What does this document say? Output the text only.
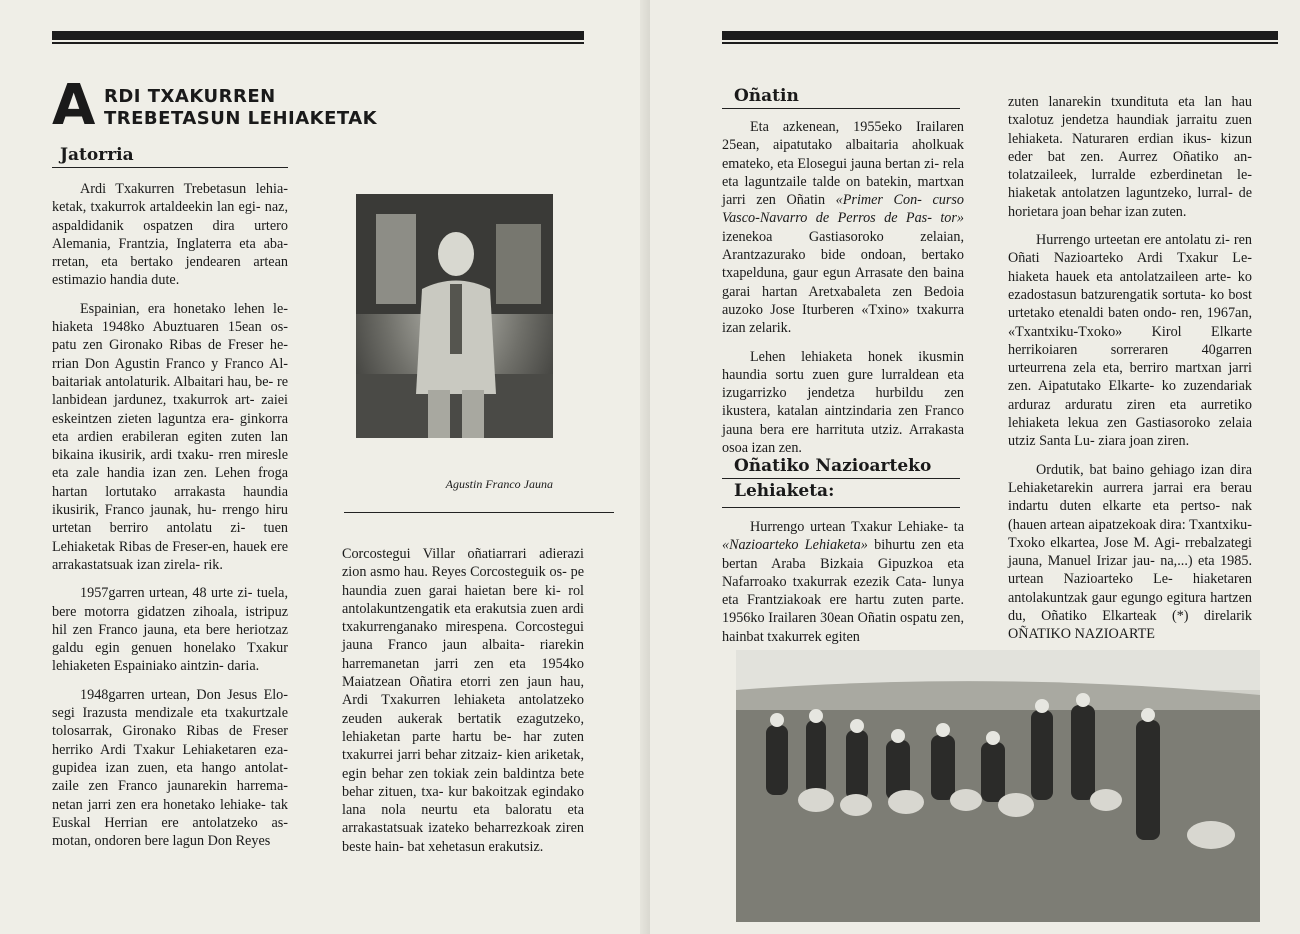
A RDI TXAKURREN
TREBETASUN LEHIAKETAK
Jatorria

Ardi Txakurren Trebetasun lehia- ketak, txakurrok artaldeekin lan egi- naz, aspaldidanik ospatzen dira urtero Alemania, Frantzia, Inglaterra eta aba- rretan, eta bertako jendearen artean estimazio handia dute.

Espainian, era honetako lehen le- hiaketa 1948ko Abuztuaren 15ean os- patu zen Gironako Ribas de Freser he- rrian Don Agustin Franco y Franco Al- baitariak antolaturik. Albaitari hau, be- re lanbidean jardunez, txakurrok art- zaiei eskeintzen zieten laguntza era- ginkorra eta ardien erabileran egiten zuten lan bikaina ikusirik, ardi txaku- rren miresle eta zale handia izan zen. Lehen froga hartan lortutako arrakasta haundia ikusirik, Franco jaunak, hu- rrengo hiru urtetan berriro antolatu zi- tuen Lehiaketak Ribas de Freser-en, hauek ere arrakastatsuak izan zirela- rik.

1957garren urtean, 48 urte zi- tuela, bere motorra gidatzen zihoala, istripuz hil zen Franco jauna, eta bere heriotzaz galdu egin genuen honelako Txakur lehiaketen Espainiako aintzin- daria.

1948garren urtean, Don Jesus Elo- segi Irazusta mendizale eta txakurtzale tolosarrak, Gironako Ribas de Freser herriko Ardi Txakur Lehiaketaren eza- gupidea izan zuen, eta hango antolat- zaile zen Franco jaunarekin harrema- netan jarri zen era honetako lehiake- tak Euskal Herrian ere antolatzeko as- motan, ondoren bere lagun Don Reyes

Agustin Franco Jauna

Corcostegui Villar oñatiarrari adierazi zion asmo hau. Reyes Corcosteguik os- pe haundia zuen garai haietan bere ki- rol antolakuntzengatik eta erakutsia zuen ardi txakurrenganako mirespena. Corcostegui jauna Franco jaun albaita- riarekin harremanetan jarri zen eta 1954ko Maiatzean Oñatira etorri zen jaun hau, Ardi Txakurren lehiaketa antolatzeko zeuden aukerak bertatik ezagutzeko, lehiaketan parte hartu be- har zuten txakurrei jarri behar zitzaiz- kien ariketak, egin behar zen tokiak zein baldintza bete behar zituen, txa- kur bakoitzak egindako lana nola neurtu eta baloratu eta arrakastatsuak izateko beharrezkoak ziren beste hain- bat xehetasun erakutsiz.

Oñatin

Eta azkenean, 1955eko Irailaren 25ean, aipatutako albaitaria aholkuak emateko, eta Elosegui jauna bertan zi- rela eta laguntzaile talde on batekin, martxan jarri zen Oñatin «Primer Con- curso Vasco-Navarro de Perros de Pas- tor» izenekoa Gastiasoroko zelaian, Arantzazurako bide ondoan, bertako txapelduna, gaur egun Arrasate den baina garai hartan Aretxabaleta zen Bedoia auzoko Jose Iturberen «Txino» txakurra izan zelarik.

Lehen lehiaketa honek ikusmin haundia sortu zuen gure lurraldean eta izugarrizko jendetza hurbildu zen ikustera, katalan aintzindaria zen Franco jauna bera ere harrituta utziz. Arrakasta osoa izan zen.

Oñatiko Nazioarteko
Lehiaketa:

Hurrengo urtean Txakur Lehiake- ta «Nazioarteko Lehiaketa» bihurtu zen eta bertan Araba Bizkaia Gipuzkoa eta Nafarroako txakurrak ezezik Cata- lunya eta Frantziakoak ere hartu zuten parte. 1956ko Irailaren 30ean Oñatin ospatu zen, hainbat txakurrek egiten

zuten lanarekin txundituta eta lan hau txalotuz jendetza haundiak jarraitu zuen lehiaketa. Naturaren erdian ikus- kizun eder bat zen. Aurrez Oñatiko an- tolatzaileek, lurralde ezberdinetan le- hiaketak antolatzen laguntzeko, lurral- de horietara joan behar izan zuten.

Hurrengo urteetan ere antolatu zi- ren Oñati Nazioarteko Ardi Txakur Le- hiaketa hauek eta antolatzaileen arte- ko ezadostasun batzurengatik sortuta- ko bost urtetako etenaldi baten ondo- ren, 1967an, «Txantxiku-Txoko» Kirol Elkarte herrikoiaren sorreraren 40garren urteurrena zela eta, berriro martxan jarri zen. Aipatutako Elkarte- ko zuzendariak arduraz arduratu ziren eta aurretiko lehiaketa lekua zen Gastiasoroko zelaia utziz Santa Lu- ziara joan ziren.

Ordutik, bat baino gehiago izan dira Lehiaketarekin aurrera jarrai era berau indartu duten elkarte eta pertso- nak (hauen artean aipatzekoak dira: Txantxiku-Txoko elkartea, Jose M. Agi- rrebalzategi jauna, Manuel Irizar jau- na,...) eta 1985. urtean Nazioarteko Le- hiaketaren antolakuntzak gaur egungo egitura hartzen du, Oñatiko Elkarteak (*) direlarik OÑATIKO NAZIOARTE
